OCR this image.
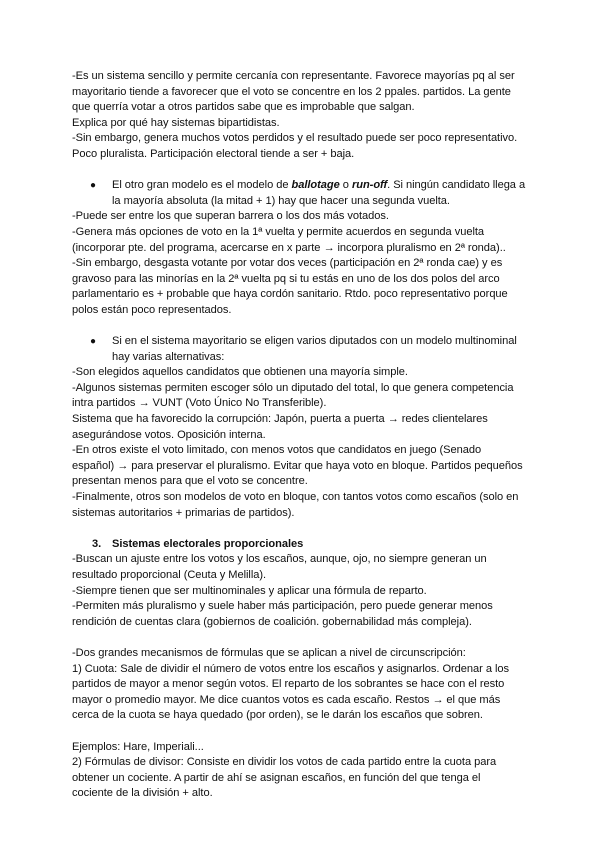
-Es un sistema sencillo y permite cercanía con representante. Favorece mayorías pq al ser
mayoritario tiende a favorecer que el voto se concentre en los 2 ppales. partidos. La gente
que querría votar a otros partidos sabe que es improbable que salgan.
Explica por qué hay sistemas bipartidistas.
-Sin embargo, genera muchos votos perdidos y el resultado puede ser poco representativo.
Poco pluralista. Participación electoral tiende a ser + baja.
● El otro gran modelo es el modelo de ballotage o run-off. Si ningún candidato llega a
la mayoría absoluta (la mitad + 1) hay que hacer una segunda vuelta.
-Puede ser entre los que superan barrera o los dos más votados.
-Genera más opciones de voto en la 1ª vuelta y permite acuerdos en segunda vuelta
(incorporar pte. del programa, acercarse en x parte → incorpora pluralismo en 2ª ronda)..
-Sin embargo, desgasta votante por votar dos veces (participación en 2ª ronda cae) y es
gravoso para las minorías en la 2ª vuelta pq si tu estás en uno de los dos polos del arco
parlamentario es + probable que haya cordón sanitario. Rtdo. poco representativo porque
polos están poco representados.
● Si en el sistema mayoritario se eligen varios diputados con un modelo multinominal
hay varias alternativas:
-Son elegidos aquellos candidatos que obtienen una mayoría simple.
-Algunos sistemas permiten escoger sólo un diputado del total, lo que genera competencia
intra partidos → VUNT (Voto Único No Transferible).
Sistema que ha favorecido la corrupción: Japón, puerta a puerta → redes clientelares
asegurándose votos. Oposición interna.
-En otros existe el voto limitado, con menos votos que candidatos en juego (Senado
español) → para preservar el pluralismo. Evitar que haya voto en bloque. Partidos pequeños
presentan menos para que el voto se concentre.
-Finalmente, otros son modelos de voto en bloque, con tantos votos como escaños (solo en
sistemas autoritarios + primarias de partidos).
3. Sistemas electorales proporcionales
-Buscan un ajuste entre los votos y los escaños, aunque, ojo, no siempre generan un
resultado proporcional (Ceuta y Melilla).
-Siempre tienen que ser multinominales y aplicar una fórmula de reparto.
-Permiten más pluralismo y suele haber más participación, pero puede generar menos
rendición de cuentas clara (gobiernos de coalición. gobernabilidad más compleja).
-Dos grandes mecanismos de fórmulas que se aplican a nivel de circunscripción:
1) Cuota: Sale de dividir el número de votos entre los escaños y asignarlos. Ordenar a los
partidos de mayor a menor según votos. El reparto de los sobrantes se hace con el resto
mayor o promedio mayor. Me dice cuantos votos es cada escaño. Restos → el que más
cerca de la cuota se haya quedado (por orden), se le darán los escaños que sobren.
Ejemplos: Hare, Imperiali...
2) Fórmulas de divisor: Consiste en dividir los votos de cada partido entre la cuota para
obtener un cociente. A partir de ahí se asignan escaños, en función del que tenga el
cociente de la división + alto.
